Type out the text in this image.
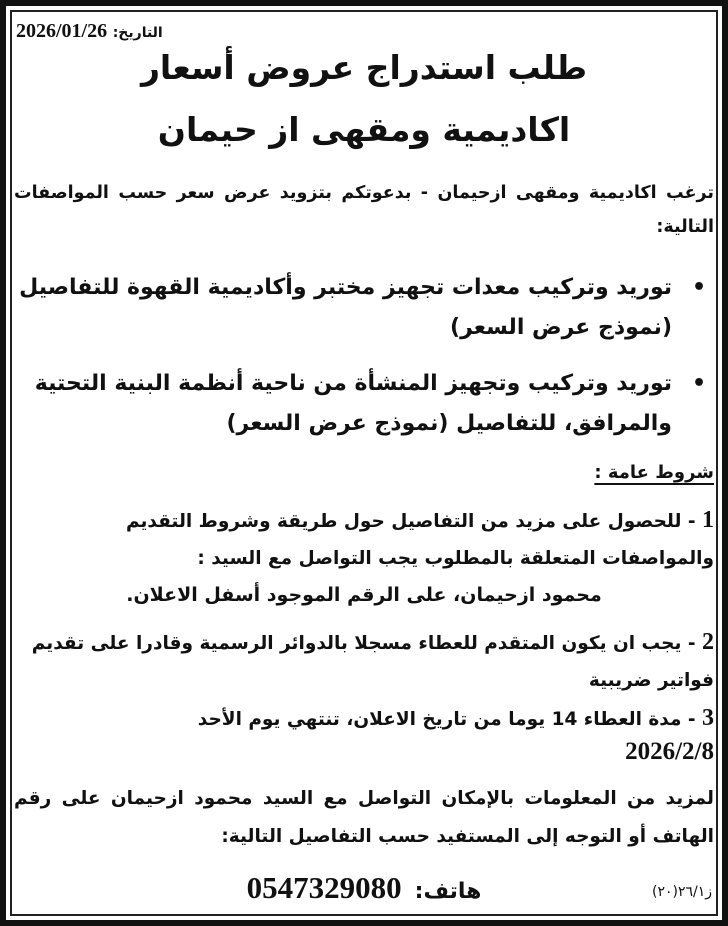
التاريخ: 2026/01/26
طلب استدراج عروض أسعار
اكاديمية ومقهى از حيمان
ترغب اكاديمية ومقهى ازحيمان - بدعوتكم بتزويد عرض سعر حسب المواصفات التالية:
•
توريد وتركيب معدات تجهيز مختبر وأكاديمية القهوة للتفاصيل (نموذج عرض السعر)
•
توريد وتركيب وتجهيز المنشأة من ناحية أنظمة البنية التحتية والمرافق، للتفاصيل (نموذج عرض السعر)
شروط عامة :
1 - للحصول على مزيد من التفاصيل حول طريقة وشروط التقديم والمواصفات المتعلقة بالمطلوب يجب التواصل مع السيد :
محمود ازحيمان، على الرقم الموجود أسفل الاعلان.
2 - يجب ان يكون المتقدم للعطاء مسجلا بالدوائر الرسمية وقادرا على تقديم فواتير ضريبية
3 - مدة العطاء 14 يوما من تاريخ الاعلان، تنتهي يوم الأحد
2026/2/8
لمزيد من المعلومات بالإمكان التواصل مع السيد محمود ازحيمان على رقم الهاتف أو التوجه إلى المستفيد حسب التفاصيل التالية:
هاتف: 0547329080	ز٢٦/١(٢٠)
